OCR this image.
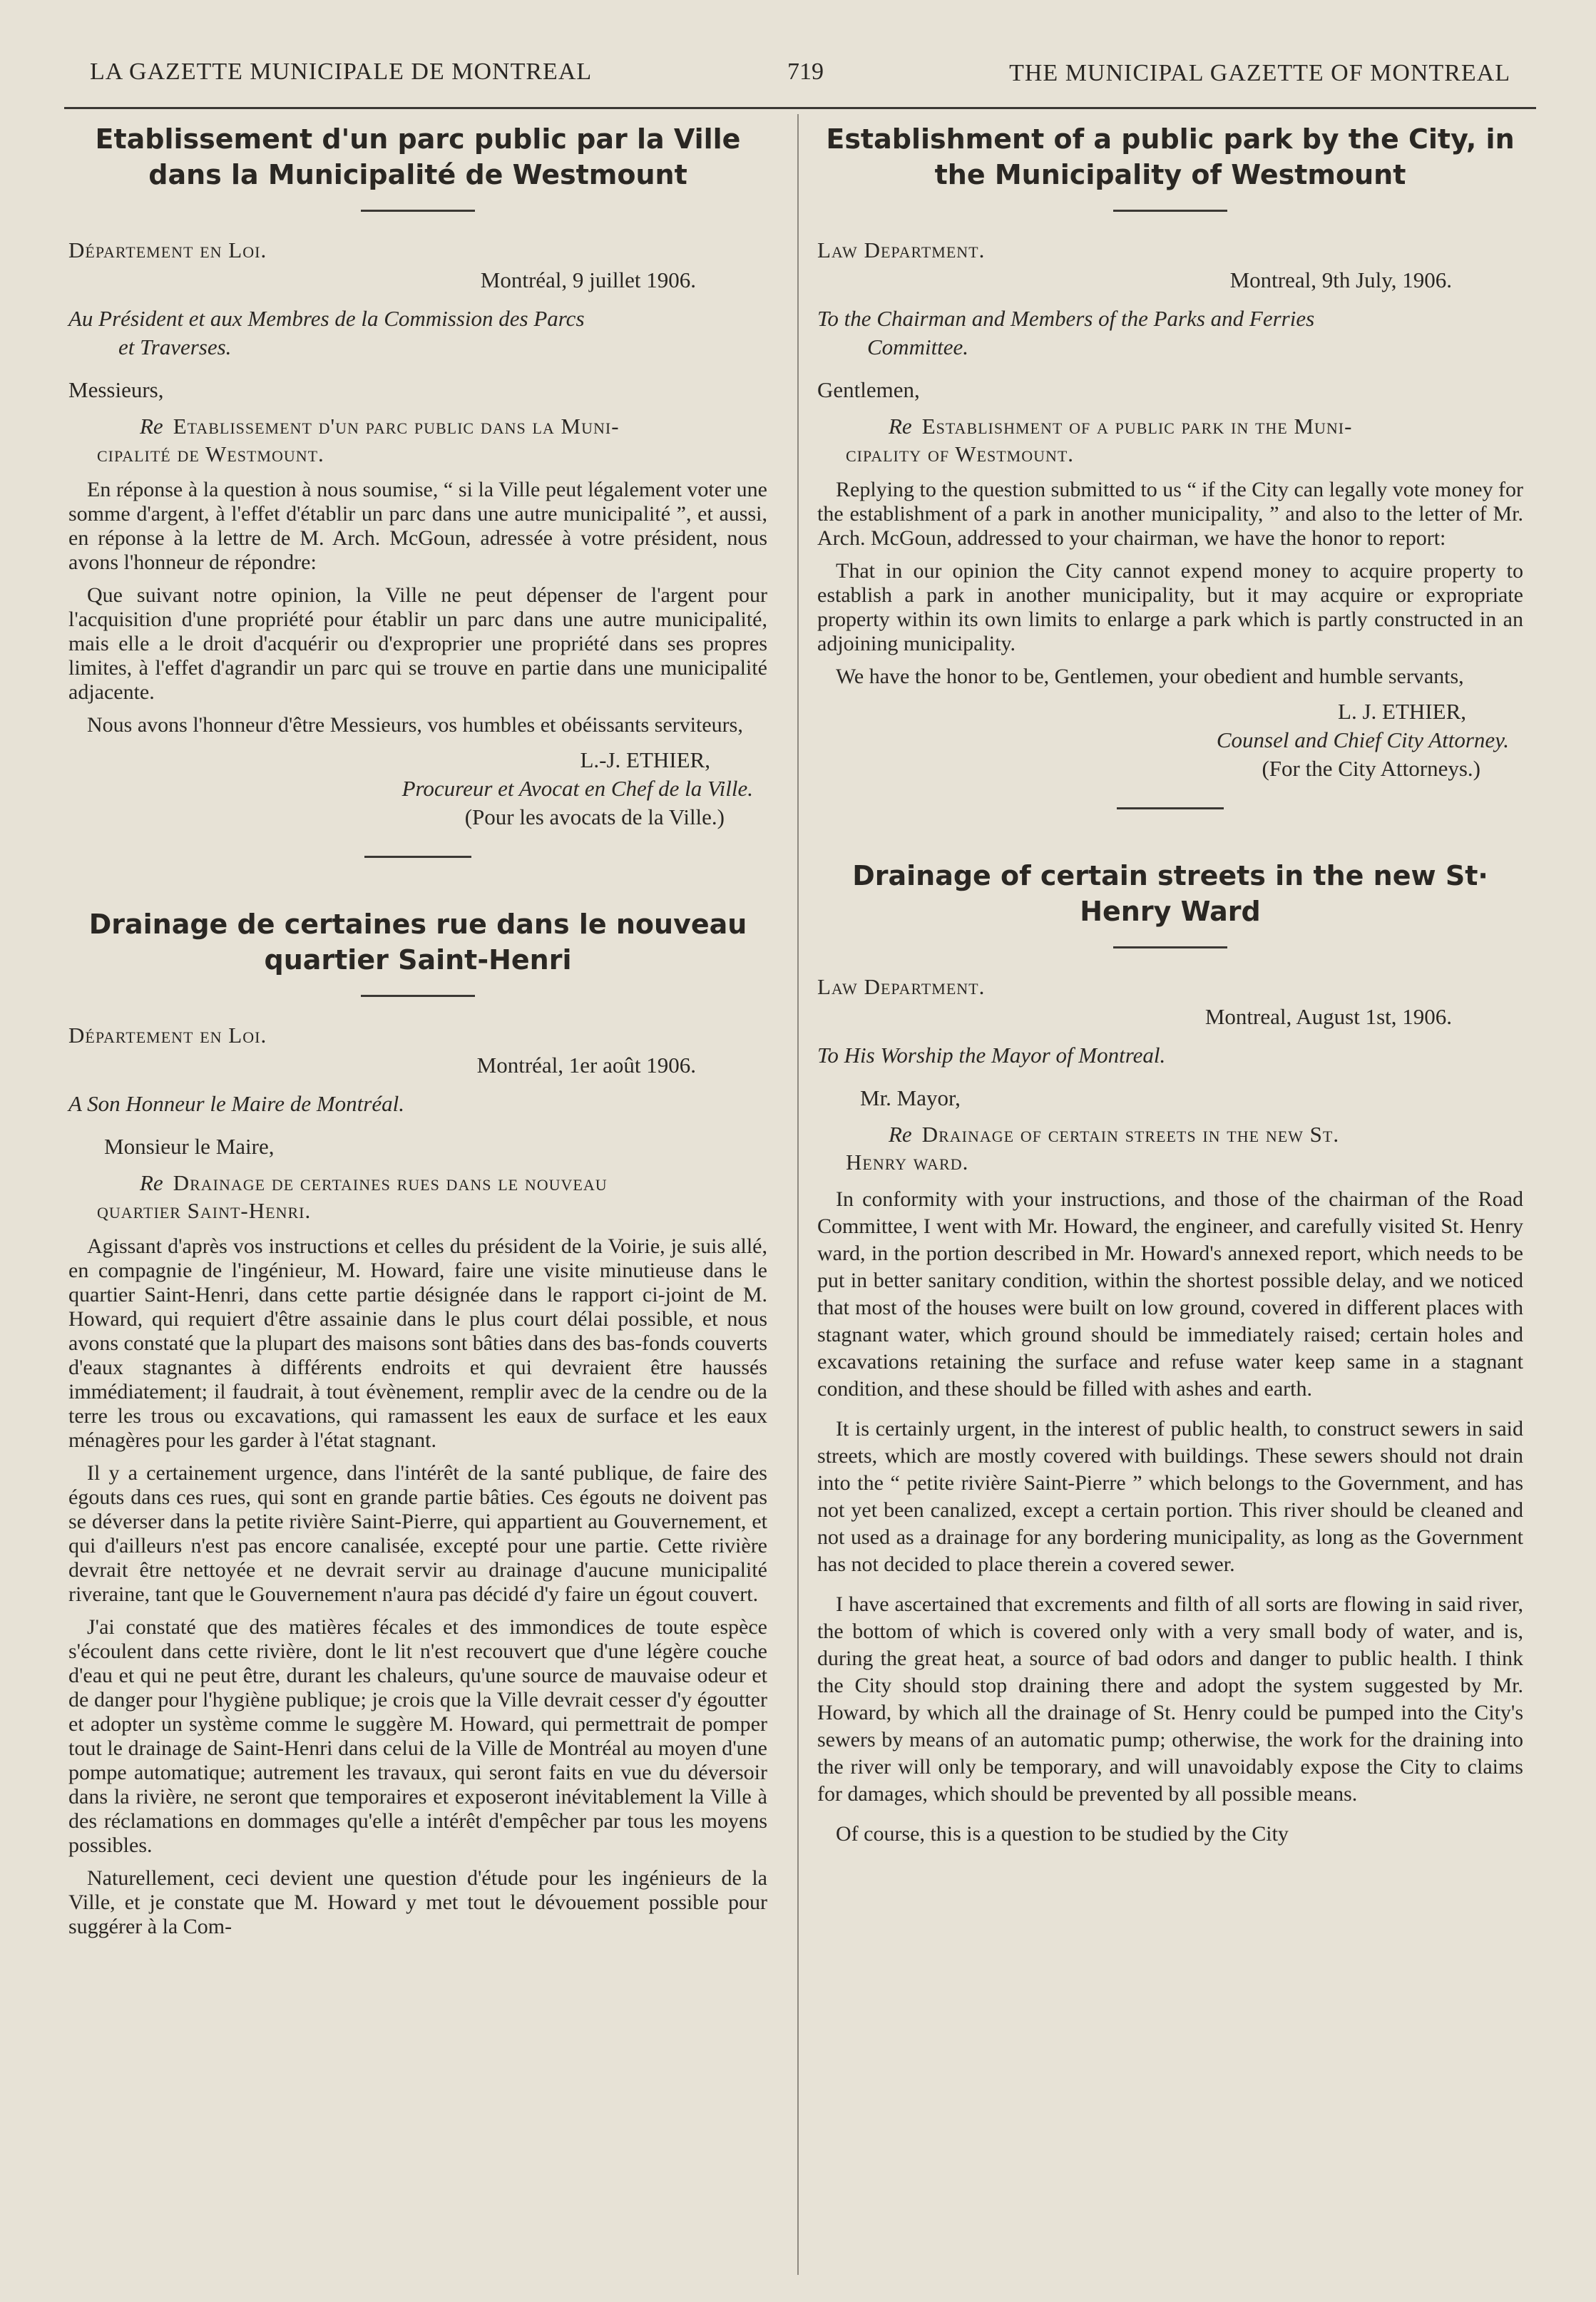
LA GAZETTE MUNICIPALE DE MONTREAL	719	THE MUNICIPAL GAZETTE OF MONTREAL
Etablissement d'un parc public par la Ville dans la Municipalité de Westmount
Département en Loi.
Montréal, 9 juillet 1906.
Au Président et aux Membres de la Commission des Parcs
et Traverses.
Messieurs,
Re Etablissement d'un parc public dans la Muni-
cipalité de Westmount.

En réponse à la question à nous soumise, “ si la Ville peut légalement voter une somme d'argent, à l'effet d'établir un parc dans une autre municipalité ”, et aussi, en réponse à la lettre de M. Arch. McGoun, adressée à votre président, nous avons l'honneur de répondre:

Que suivant notre opinion, la Ville ne peut dépenser de l'argent pour l'acquisition d'une propriété pour établir un parc dans une autre municipalité, mais elle a le droit d'acquérir ou d'exproprier une propriété dans ses propres limites, à l'effet d'agrandir un parc qui se trouve en partie dans une municipalité adjacente.

Nous avons l'honneur d'être Messieurs, vos humbles et obéissants serviteurs,

L.-J. ETHIER,
Procureur et Avocat en Chef de la Ville.
(Pour les avocats de la Ville.)
Drainage de certaines rue dans le nouveau quartier Saint-Henri
Département en Loi.
Montréal, 1er août 1906.
A Son Honneur le Maire de Montréal.
Monsieur le Maire,
Re Drainage de certaines rues dans le nouveau
quartier Saint-Henri.

Agissant d'après vos instructions et celles du président de la Voirie, je suis allé, en compagnie de l'ingénieur, M. Howard, faire une visite minutieuse dans le quartier Saint-Henri, dans cette partie désignée dans le rapport ci-joint de M. Howard, qui requiert d'être assainie dans le plus court délai possible, et nous avons constaté que la plupart des maisons sont bâties dans des bas-fonds couverts d'eaux stagnantes à différents endroits et qui devraient être haussés immédiatement; il faudrait, à tout évènement, remplir avec de la cendre ou de la terre les trous ou excavations, qui ramassent les eaux de surface et les eaux ménagères pour les garder à l'état stagnant.

Il y a certainement urgence, dans l'intérêt de la santé publique, de faire des égouts dans ces rues, qui sont en grande partie bâties. Ces égouts ne doivent pas se déverser dans la petite rivière Saint-Pierre, qui appartient au Gouvernement, et qui d'ailleurs n'est pas encore canalisée, excepté pour une partie. Cette rivière devrait être nettoyée et ne devrait servir au drainage d'aucune municipalité riveraine, tant que le Gouvernement n'aura pas décidé d'y faire un égout couvert.

J'ai constaté que des matières fécales et des immondices de toute espèce s'écoulent dans cette rivière, dont le lit n'est recouvert que d'une légère couche d'eau et qui ne peut être, durant les chaleurs, qu'une source de mauvaise odeur et de danger pour l'hygiène publique; je crois que la Ville devrait cesser d'y égoutter et adopter un système comme le suggère M. Howard, qui permettrait de pomper tout le drainage de Saint-Henri dans celui de la Ville de Montréal au moyen d'une pompe automatique; autrement les travaux, qui seront faits en vue du déversoir dans la rivière, ne seront que temporaires et exposeront inévitablement la Ville à des réclamations en dommages qu'elle a intérêt d'empêcher par tous les moyens possibles.

Naturellement, ceci devient une question d'étude pour les ingénieurs de la Ville, et je constate que M. Howard y met tout le dévouement possible pour suggérer à la Com-

Establishment of a public park by the City, in the Municipality of Westmount
Law Department.
Montreal, 9th July, 1906.
To the Chairman and Members of the Parks and Ferries
Committee.
Gentlemen,
Re Establishment of a public park in the Muni-
cipality of Westmount.

Replying to the question submitted to us “ if the City can legally vote money for the establishment of a park in another municipality, ” and also to the letter of Mr. Arch. McGoun, addressed to your chairman, we have the honor to report:

That in our opinion the City cannot expend money to acquire property to establish a park in another municipality, but it may acquire or expropriate property within its own limits to enlarge a park which is partly constructed in an adjoining municipality.

We have the honor to be, Gentlemen, your obedient and humble servants,

L. J. ETHIER,
Counsel and Chief City Attorney.
(For the City Attorneys.)
Drainage of certain streets in the new St· Henry Ward
Law Department.
Montreal, August 1st, 1906.
To His Worship the Mayor of Montreal.
Mr. Mayor,
Re Drainage of certain streets in the new St.
Henry ward.

In conformity with your instructions, and those of the chairman of the Road Committee, I went with Mr. Howard, the engineer, and carefully visited St. Henry ward, in the portion described in Mr. Howard's annexed report, which needs to be put in better sanitary condition, within the shortest possible delay, and we noticed that most of the houses were built on low ground, covered in different places with stagnant water, which ground should be immediately raised; certain holes and excavations retaining the surface and refuse water keep same in a stagnant condition, and these should be filled with ashes and earth.

It is certainly urgent, in the interest of public health, to construct sewers in said streets, which are mostly covered with buildings. These sewers should not drain into the “ petite rivière Saint-Pierre ” which belongs to the Government, and has not yet been canalized, except a certain portion. This river should be cleaned and not used as a drainage for any bordering municipality, as long as the Government has not decided to place therein a covered sewer.

I have ascertained that excrements and filth of all sorts are flowing in said river, the bottom of which is covered only with a very small body of water, and is, during the great heat, a source of bad odors and danger to public health. I think the City should stop draining there and adopt the system suggested by Mr. Howard, by which all the drainage of St. Henry could be pumped into the City's sewers by means of an automatic pump; otherwise, the work for the draining into the river will only be temporary, and will unavoidably expose the City to claims for damages, which should be prevented by all possible means.

Of course, this is a question to be studied by the City
